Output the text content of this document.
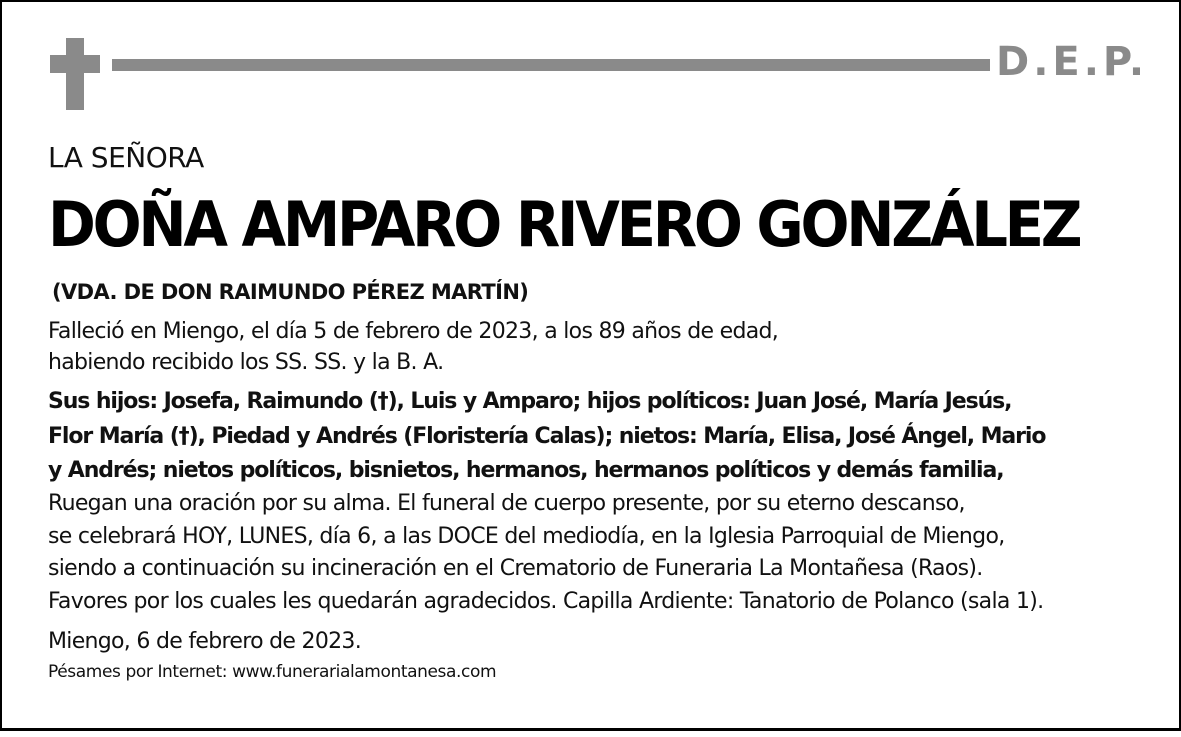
D.E.P.
LA SEÑORA
DOÑA AMPARO RIVERO GONZÁLEZ
(VDA. DE DON RAIMUNDO PÉREZ MARTÍN)
Falleció en Miengo, el día 5 de febrero de 2023, a los 89 años de edad,
habiendo recibido los SS. SS. y la B. A.
Sus hijos: Josefa, Raimundo (†), Luis y Amparo; hijos políticos: Juan José, María Jesús,
Flor María (†), Piedad y Andrés (Floristería Calas); nietos: María, Elisa, José Ángel, Mario
y Andrés; nietos políticos, bisnietos, hermanos, hermanos políticos y demás familia,
Ruegan una oración por su alma. El funeral de cuerpo presente, por su eterno descanso,
se celebrará HOY, LUNES, día 6, a las DOCE del mediodía, en la Iglesia Parroquial de Miengo,
siendo a continuación su incineración en el Crematorio de Funeraria La Montañesa (Raos).
Favores por los cuales les quedarán agradecidos. Capilla Ardiente: Tanatorio de Polanco (sala 1).
Miengo, 6 de febrero de 2023.
Pésames por Internet: www.funerarialamontanesa.com
